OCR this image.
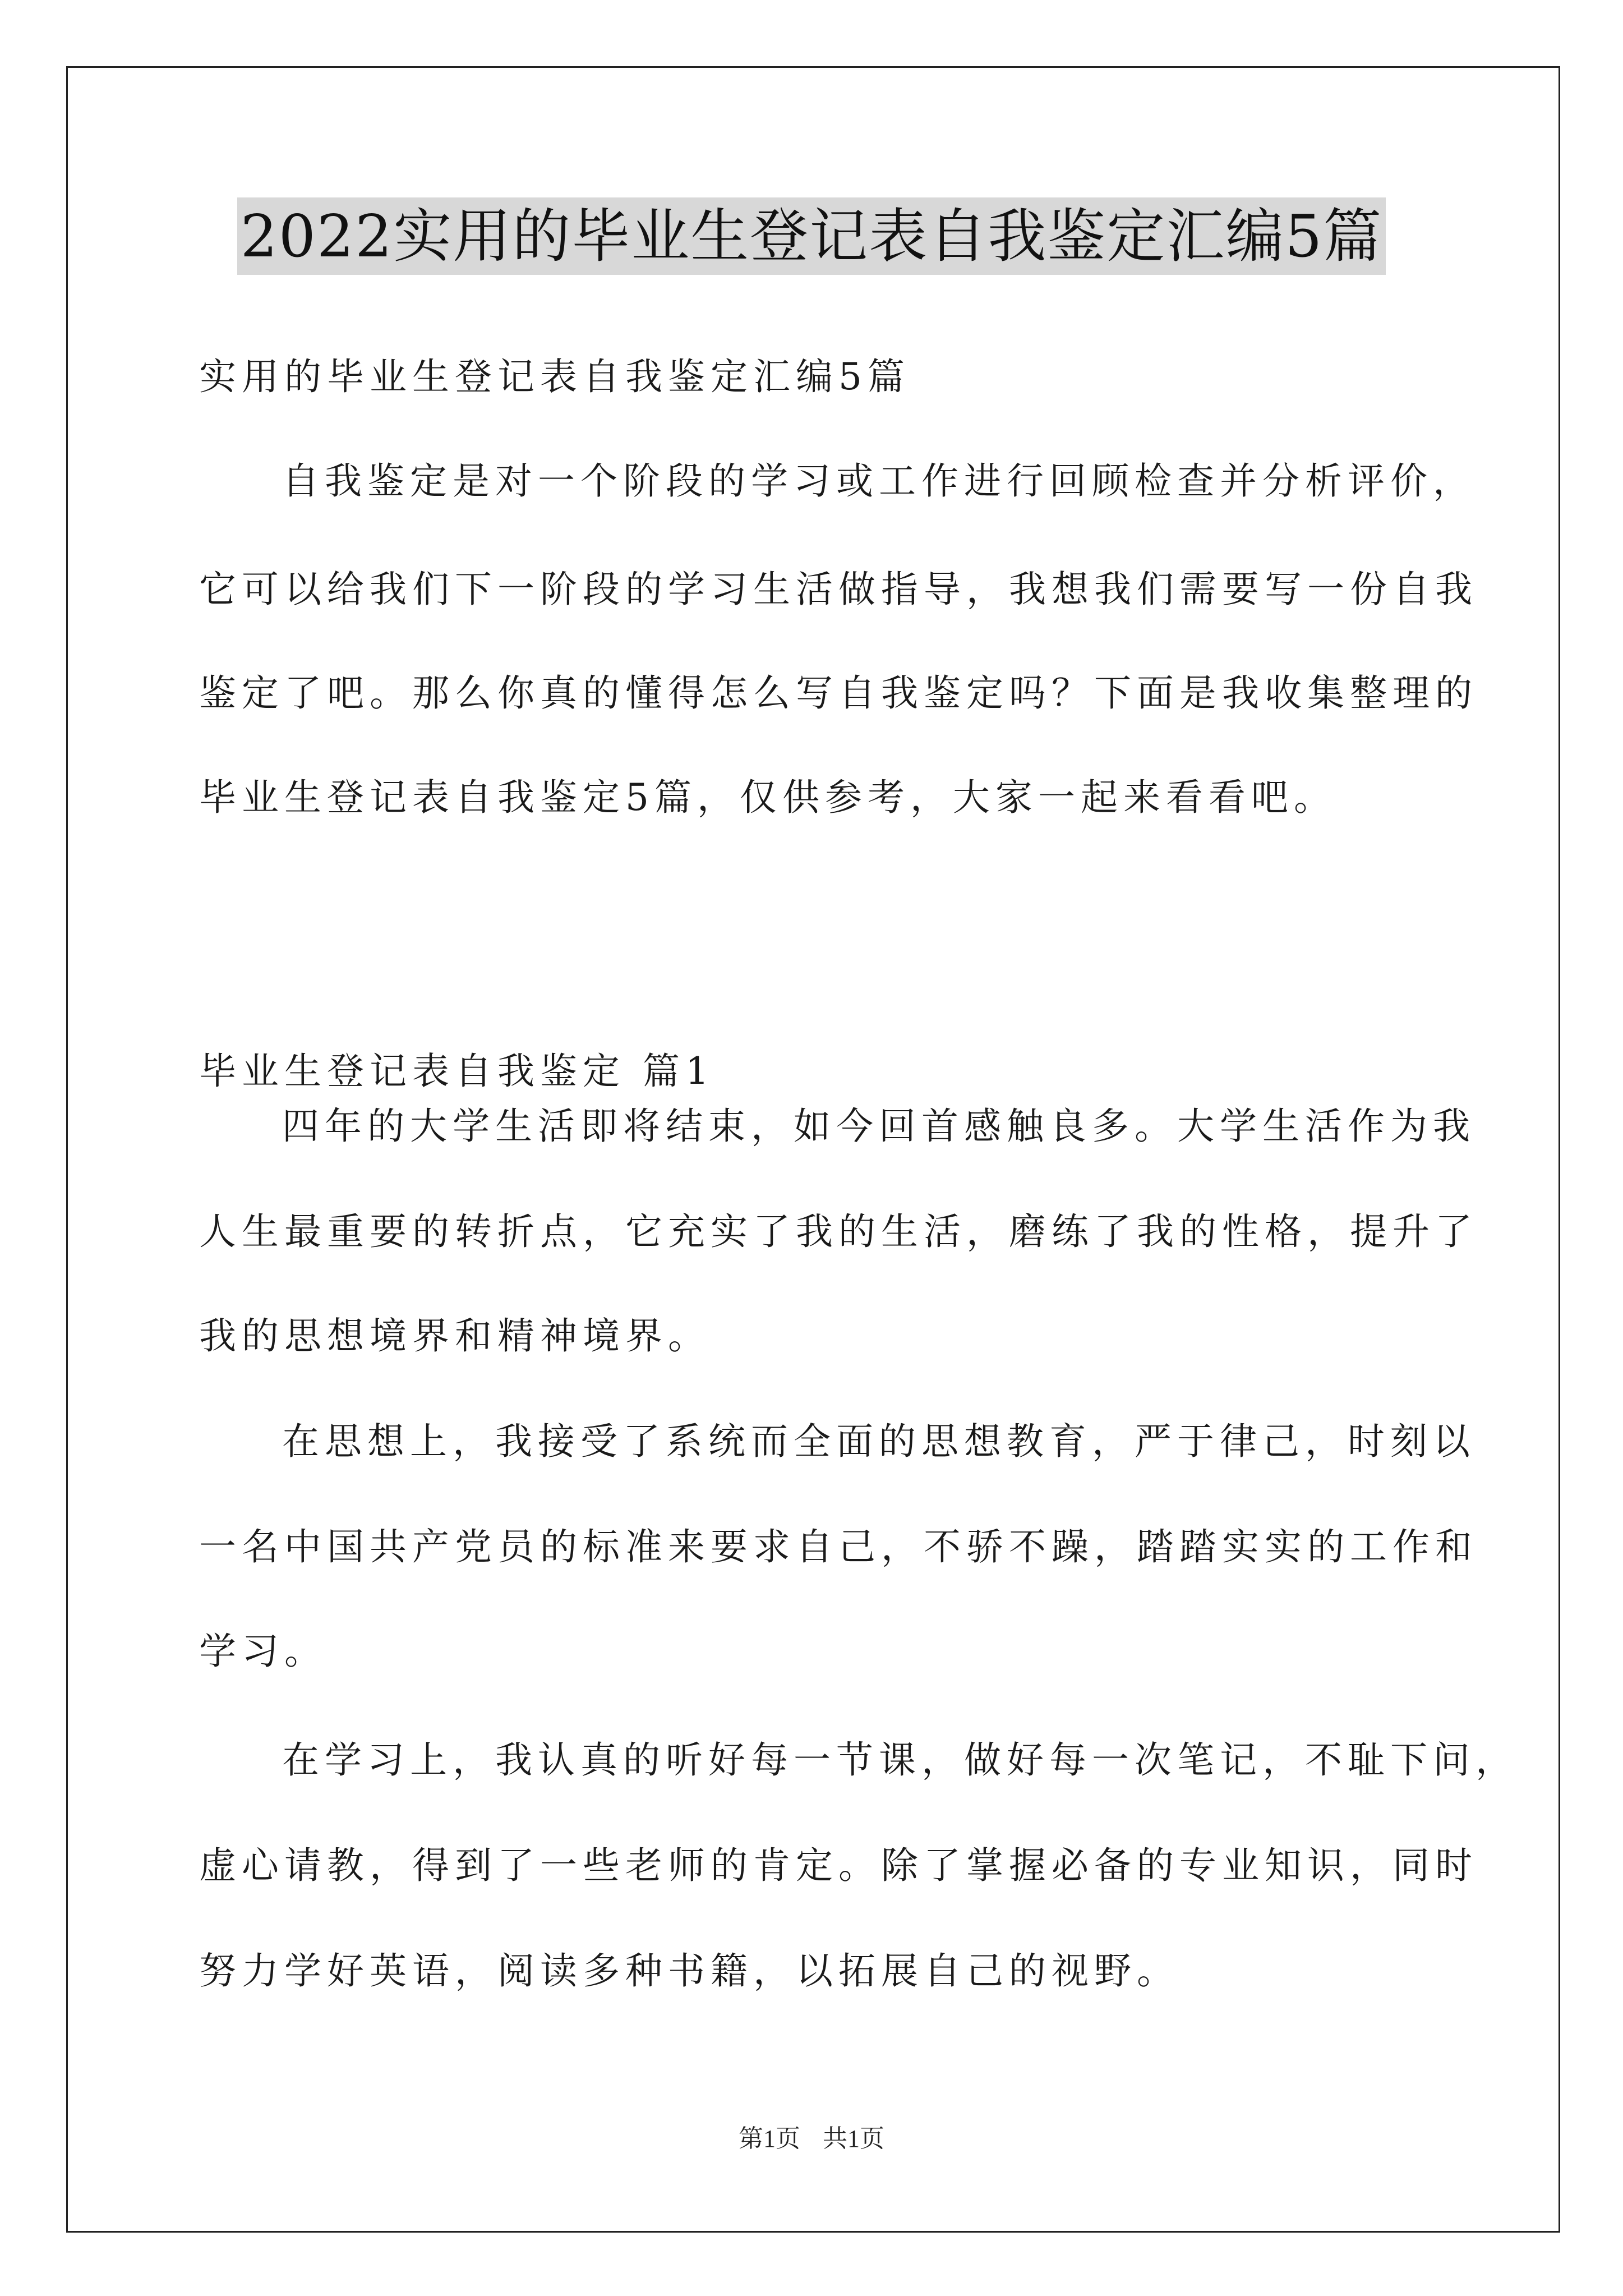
2022实用的毕业生登记表自我鉴定汇编5篇
实用的毕业生登记表自我鉴定汇编5篇
自我鉴定是对一个阶段的学习或工作进行回顾检查并分析评价，
它可以给我们下一阶段的学习生活做指导，我想我们需要写一份自我
鉴定了吧。那么你真的懂得怎么写自我鉴定吗？下面是我收集整理的
毕业生登记表自我鉴定5篇，仅供参考，大家一起来看看吧。
毕业生登记表自我鉴定 篇1
四年的大学生活即将结束，如今回首感触良多。大学生活作为我
人生最重要的转折点，它充实了我的生活，磨练了我的性格，提升了
我的思想境界和精神境界。
在思想上，我接受了系统而全面的思想教育，严于律己，时刻以
一名中国共产党员的标准来要求自己，不骄不躁，踏踏实实的工作和
学习。
在学习上，我认真的听好每一节课，做好每一次笔记，不耻下问，
虚心请教，得到了一些老师的肯定。除了掌握必备的专业知识，同时
努力学好英语，阅读多种书籍，以拓展自己的视野。
第1页 共1页
